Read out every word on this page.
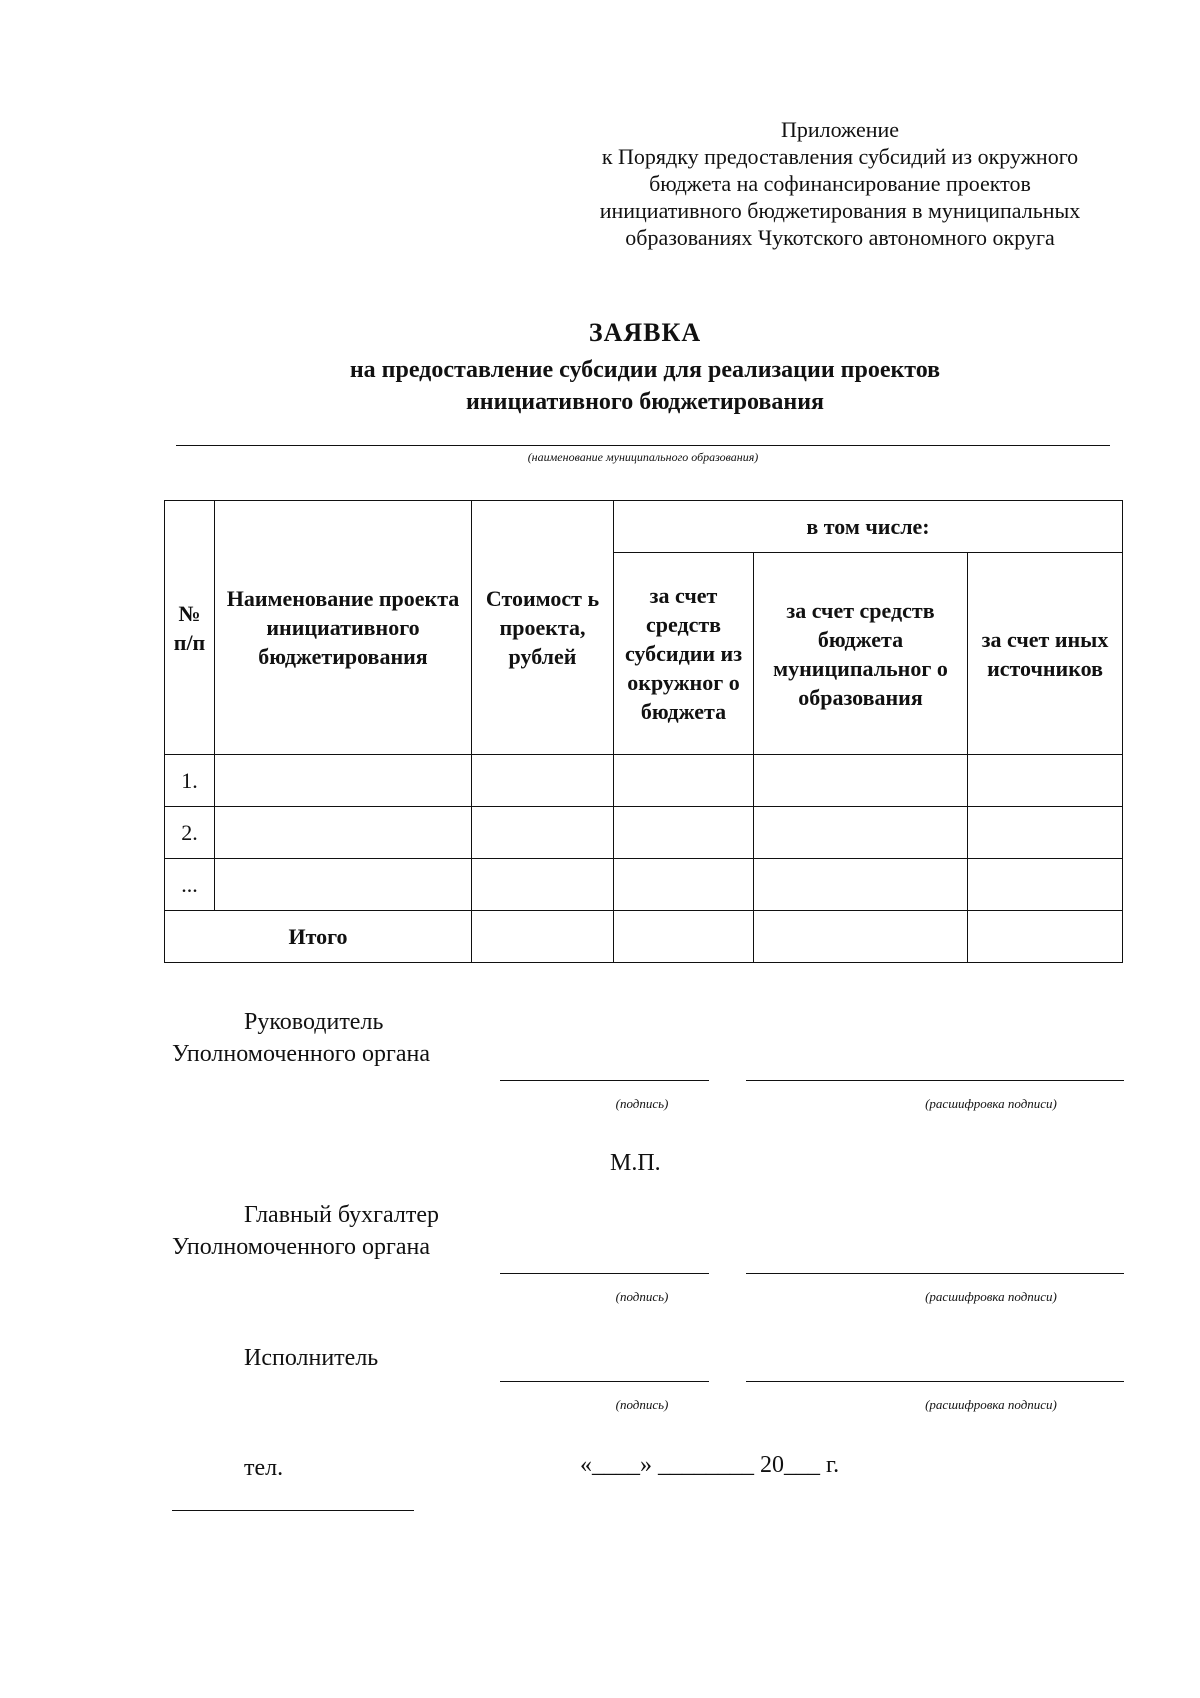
Приложение
к Порядку предоставления субсидий из окружного
бюджета на софинансирование проектов
инициативного бюджетирования в муниципальных
образованиях Чукотского автономного округа
ЗАЯВКА
на предоставление субсидии для реализации проектов
инициативного бюджетирования
(наименование муниципального образования)
№ п/п	Наименование проекта инициативного бюджетирования	Стоимост ь проекта, рублей	в том числе:		
			за счет средств субсидии из окружног о бюджета	за счет средств бюджета муниципальног о образования	за счет иных источников
1.					
2.					
...					
Итого					
Руководитель
Уполномоченного органа
(подпись)	(расшифровка подписи)
М.П.
Главный бухгалтер
Уполномоченного органа
(подпись)	(расшифровка подписи)
Исполнитель
(подпись)	(расшифровка подписи)
тел.	«____» ________ 20___ г.
